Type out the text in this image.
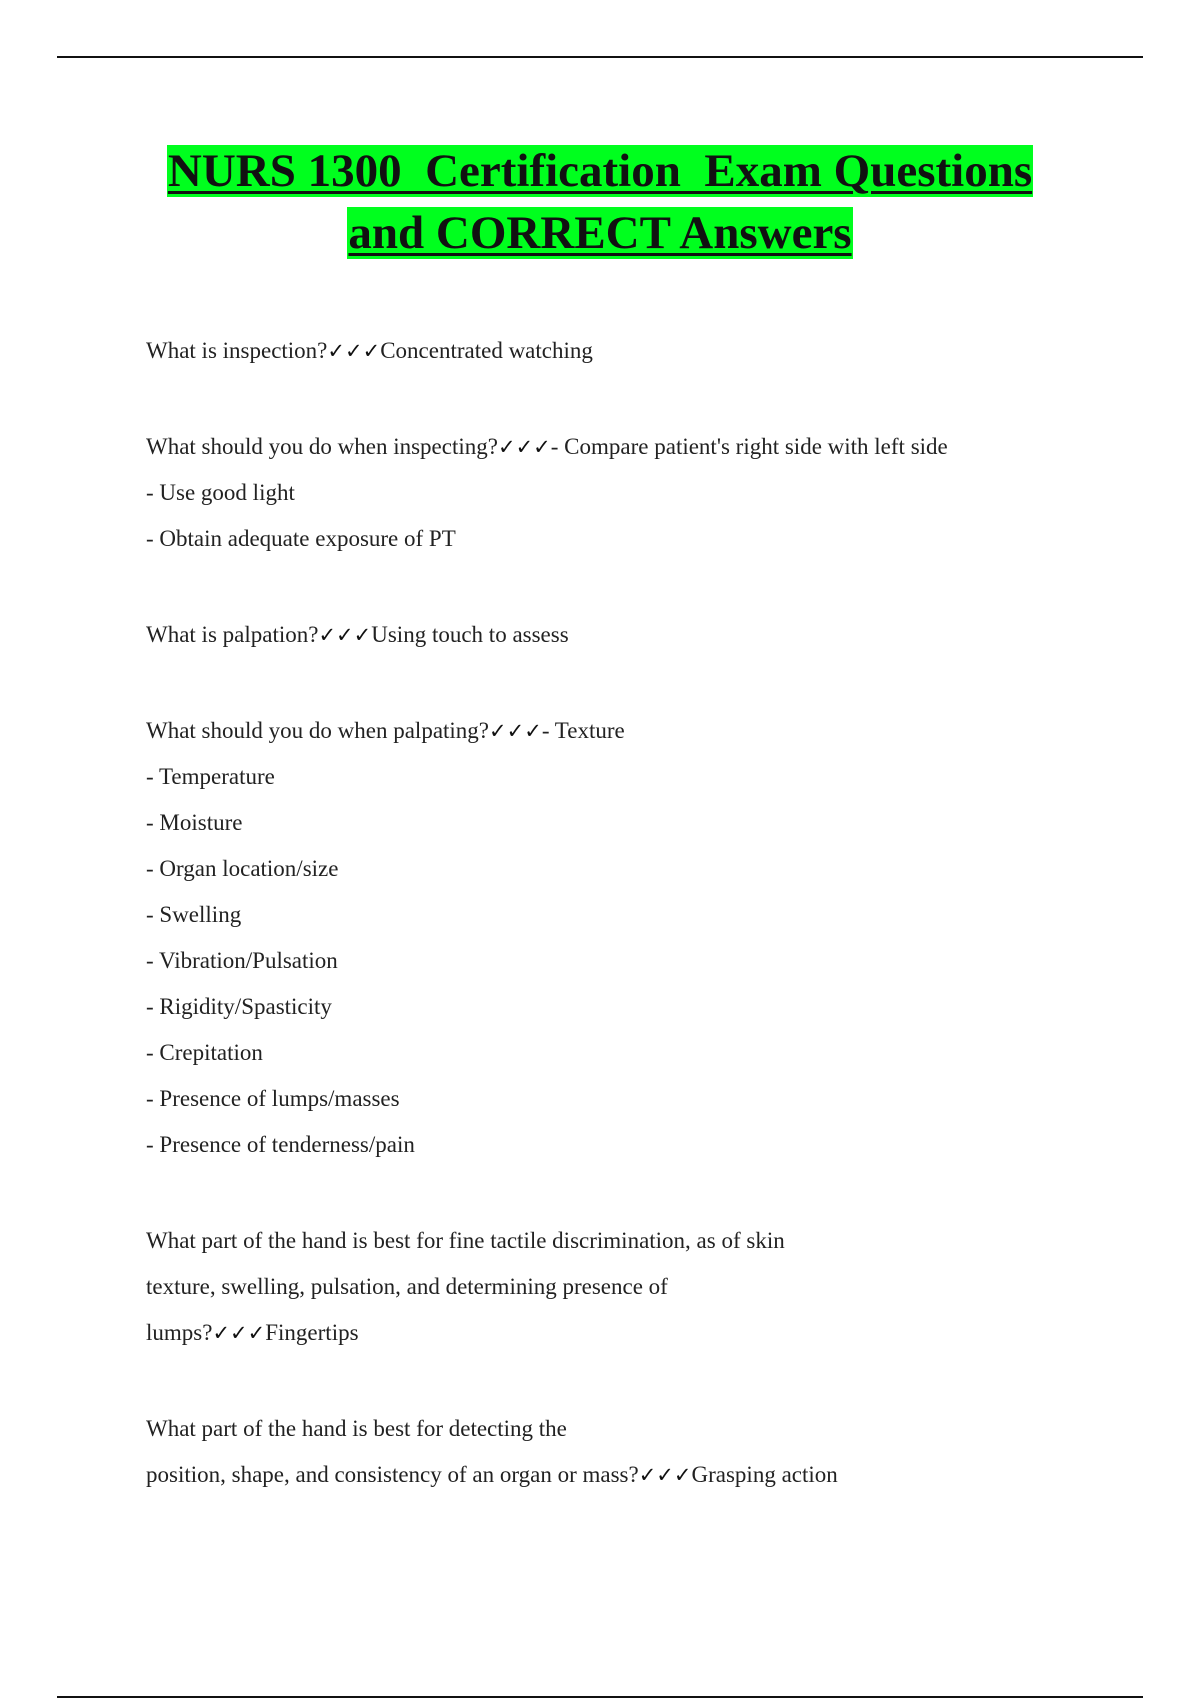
NURS 1300  Certification  Exam Questions
and CORRECT Answers
What is inspection?✓✓✓Concentrated watching
What should you do when inspecting?✓✓✓- Compare patient's right side with left side
- Use good light
- Obtain adequate exposure of PT
What is palpation?✓✓✓Using touch to assess
What should you do when palpating?✓✓✓- Texture
- Temperature
- Moisture
- Organ location/size
- Swelling
- Vibration/Pulsation
- Rigidity/Spasticity
- Crepitation
- Presence of lumps/masses
- Presence of tenderness/pain
What part of the hand is best for fine tactile discrimination, as of skin
texture, swelling, pulsation, and determining presence of
lumps?✓✓✓Fingertips
What part of the hand is best for detecting the
position, shape, and consistency of an organ or mass?✓✓✓Grasping action
